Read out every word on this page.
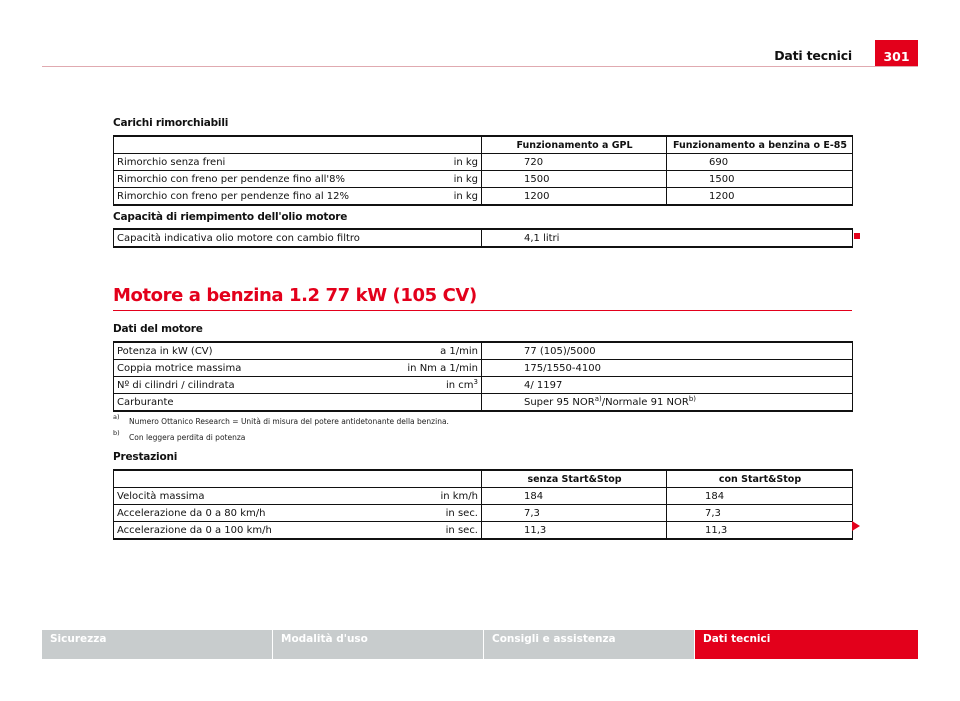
Dati tecnici	301
Carichi rimorchiabili
		Funzionamento a GPL	Funzionamento a benzina o E-85
Rimorchio senza freni	in kg	720	690
Rimorchio con freno per pendenze fino all'8%	in kg	1500	1500
Rimorchio con freno per pendenze fino al 12%	in kg	1200	1200
Capacità di riempimento dell'olio motore
Capacità indicativa olio motore con cambio filtro	4,1 litri
Motore a benzina 1.2 77 kW (105 CV)
Dati del motore
Potenza in kW (CV)	a 1/min	77 (105)/5000
Coppia motrice massima	in Nm a 1/min	175/1550-4100
Nº di cilindri / cilindrata	in $cm^3$	4/ 1197
Carburante		Super 95 NOR$^{a)}$/Normale 91 NOR$^{b)}$
a) Numero Ottanico Research = Unità di misura del potere antidetonante della benzina.
b) Con leggera perdita di potenza
Prestazioni
		senza Start&Stop	con Start&Stop
Velocità massima	in km/h	184	184
Accelerazione da 0 a 80 km/h	in sec.	7,3	7,3
Accelerazione da 0 a 100 km/h	in sec.	11,3	11,3
Sicurezza	Modalità d'uso	Consigli e assistenza	Dati tecnici
